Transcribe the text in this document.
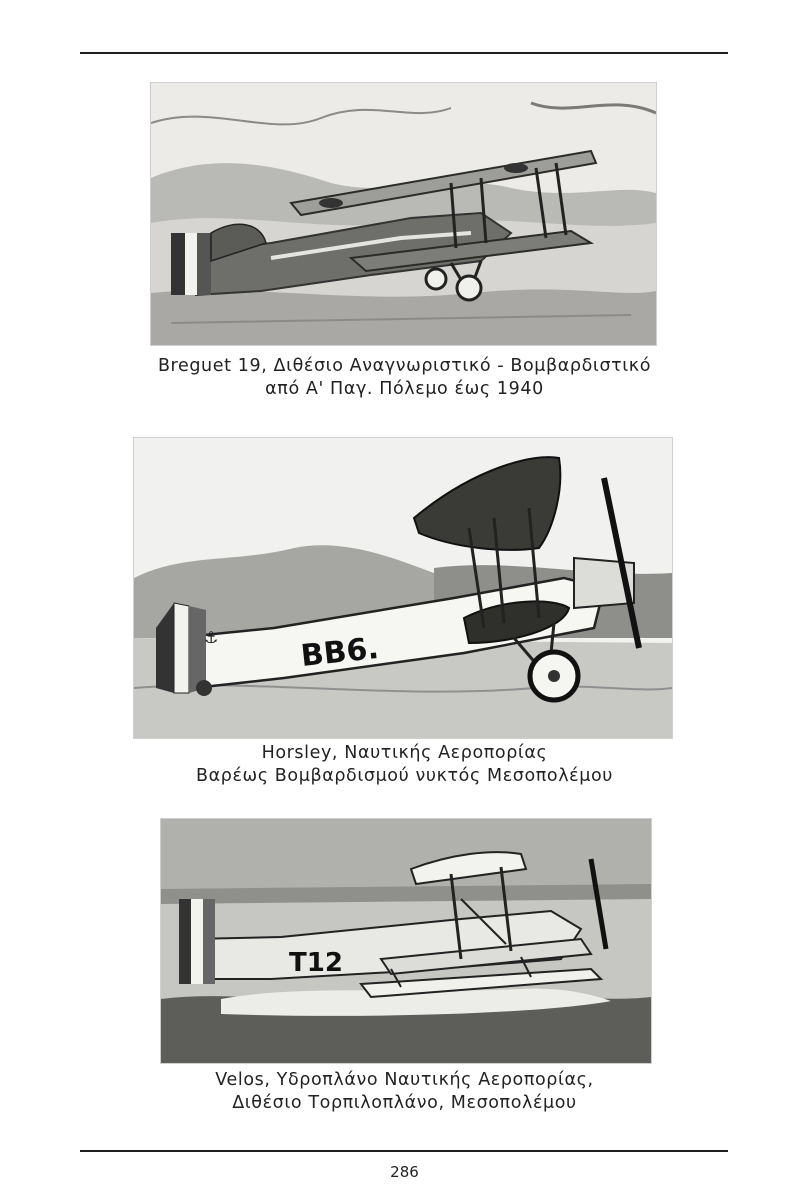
Breguet 19, Διθέσιο Αναγνωριστικό - Βομβαρδιστικό
από Α' Παγ. Πόλεμο έως 1940
⚓	BB6.
Horsley, Ναυτικής Αεροπορίας
Βαρέως Βομβαρδισμού νυκτός Μεσοπολέμου
T12
Velos, Υδροπλάνο Ναυτικής Αεροπορίας,
Διθέσιο Τορπιλοπλάνο, Μεσοπολέμου
286
